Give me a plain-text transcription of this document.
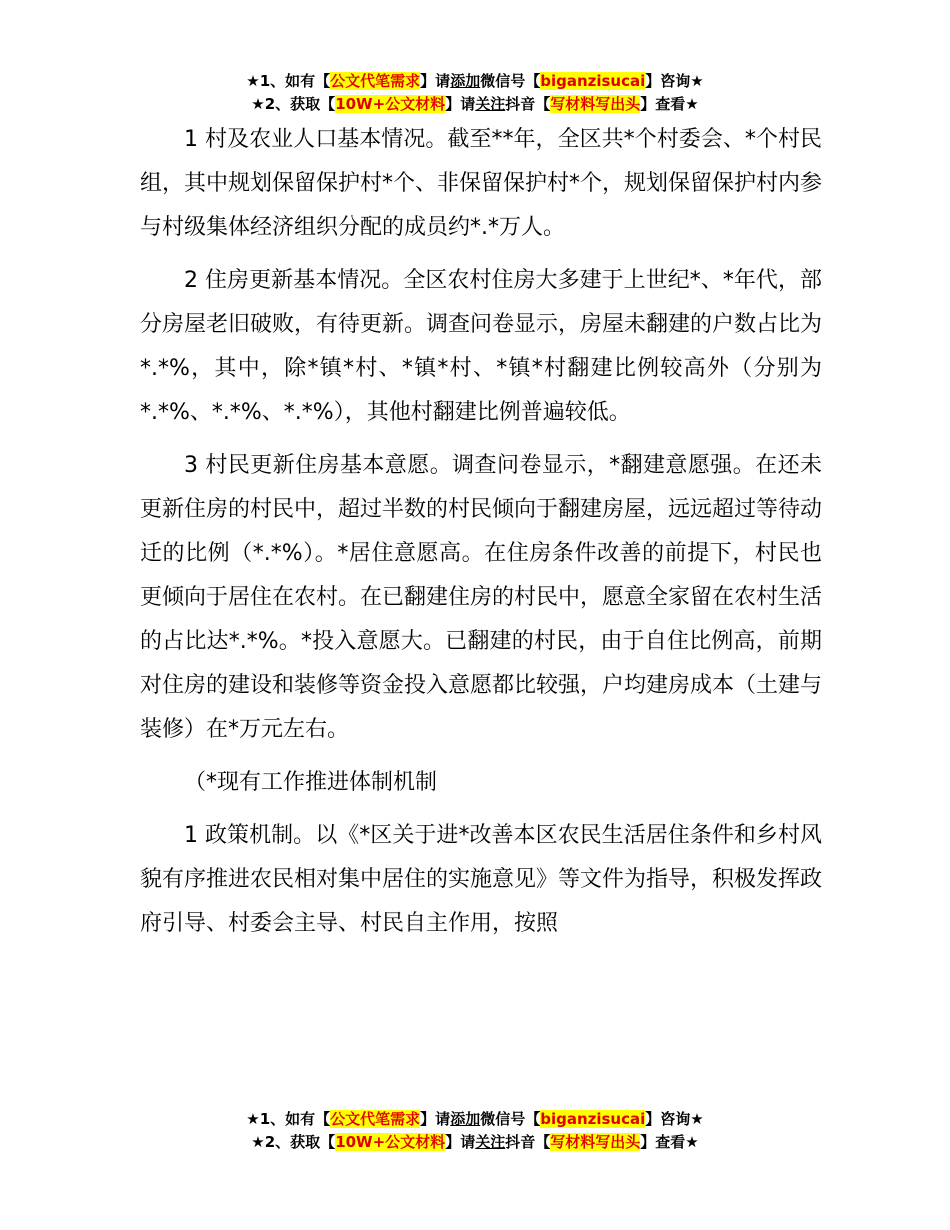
★1、如有【公文代笔需求】请添加微信号【biganzisucai】咨询★
★2、获取【10W+公文材料】请关注抖音【写材料写出头】查看★

1 村及农业人口基本情况。截至**年，全区共*个村委会、*个村民组，其中规划保留保护村*个、非保留保护村*个，规划保留保护村内参与村级集体经济组织分配的成员约*.*万人。

2 住房更新基本情况。全区农村住房大多建于上世纪*、*年代，部分房屋老旧破败，有待更新。调查问卷显示，房屋未翻建的户数占比为*.*%，其中，除*镇*村、*镇*村、*镇*村翻建比例较高外（分别为*.*%、*.*%、*.*%），其他村翻建比例普遍较低。

3 村民更新住房基本意愿。调查问卷显示，*翻建意愿强。在还未更新住房的村民中，超过半数的村民倾向于翻建房屋，远远超过等待动迁的比例（*.*%）。*居住意愿高。在住房条件改善的前提下，村民也更倾向于居住在农村。在已翻建住房的村民中，愿意全家留在农村生活的占比达*.*%。*投入意愿大。已翻建的村民，由于自住比例高，前期对住房的建设和装修等资金投入意愿都比较强，户均建房成本（土建与装修）在*万元左右。

（*现有工作推进体制机制

1 政策机制。以《*区关于进*改善本区农民生活居住条件和乡村风貌有序推进农民相对集中居住的实施意见》等文件为指导，积极发挥政府引导、村委会主导、村民自主作用，按照

★1、如有【公文代笔需求】请添加微信号【biganzisucai】咨询★
★2、获取【10W+公文材料】请关注抖音【写材料写出头】查看★
